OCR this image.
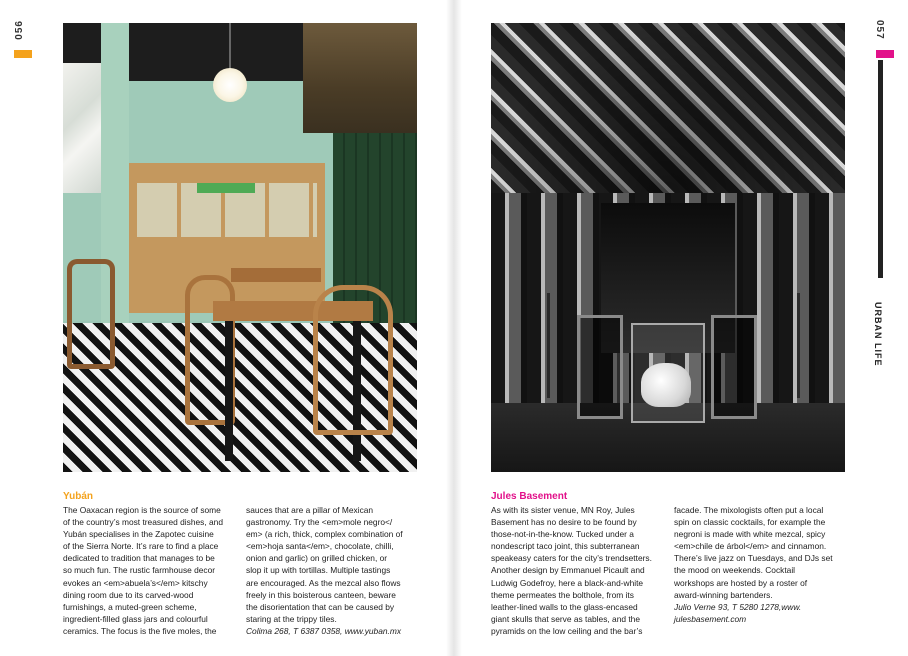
056	057
URBAN LIFE
Yubán
The Oaxacan region is the source of some
of the country’s most treasured dishes, and
Yubán specialises in the Zapotec cuisine
of the Sierra Norte. It’s rare to find a place
dedicated to tradition that manages to be
so much fun. The rustic farmhouse decor
evokes an <em>abuela’s</em> kitschy
dining room due to its carved-wood
furnishings, a muted-green scheme,
ingredient-filled glass jars and colourful
ceramics. The focus is the five moles, the
sauces that are a pillar of Mexican
gastronomy. Try the <em>mole negro</
em> (a rich, thick, complex combination of
<em>hoja santa</em>, chocolate, chilli,
onion and garlic) on grilled chicken, or
slop it up with tortillas. Multiple tastings
are encouraged. As the mezcal also flows
freely in this boisterous canteen, beware
the disorientation that can be caused by
staring at the trippy tiles.
Colima 268, T 6387 0358, www.yuban.mx
Jules Basement
As with its sister venue, MN Roy, Jules
Basement has no desire to be found by
those-not-in-the-know. Tucked under a
nondescript taco joint, this subterranean
speakeasy caters for the city’s trendsetters.
Another design by Emmanuel Picault and
Ludwig Godefroy, here a black-and-white
theme permeates the bolthole, from its
leather-lined walls to the glass-encased
giant skulls that serve as tables, and the
pyramids on the low ceiling and the bar’s
facade. The mixologists often put a local
spin on classic cocktails, for example the
negroni is made with white mezcal, spicy
<em>chile de árbol</em> and cinnamon.
There’s live jazz on Tuesdays, and DJs set
the mood on weekends. Cocktail
workshops are hosted by a roster of
award-winning bartenders.
Julio Verne 93, T 5280 1278,www.
julesbasement.com
